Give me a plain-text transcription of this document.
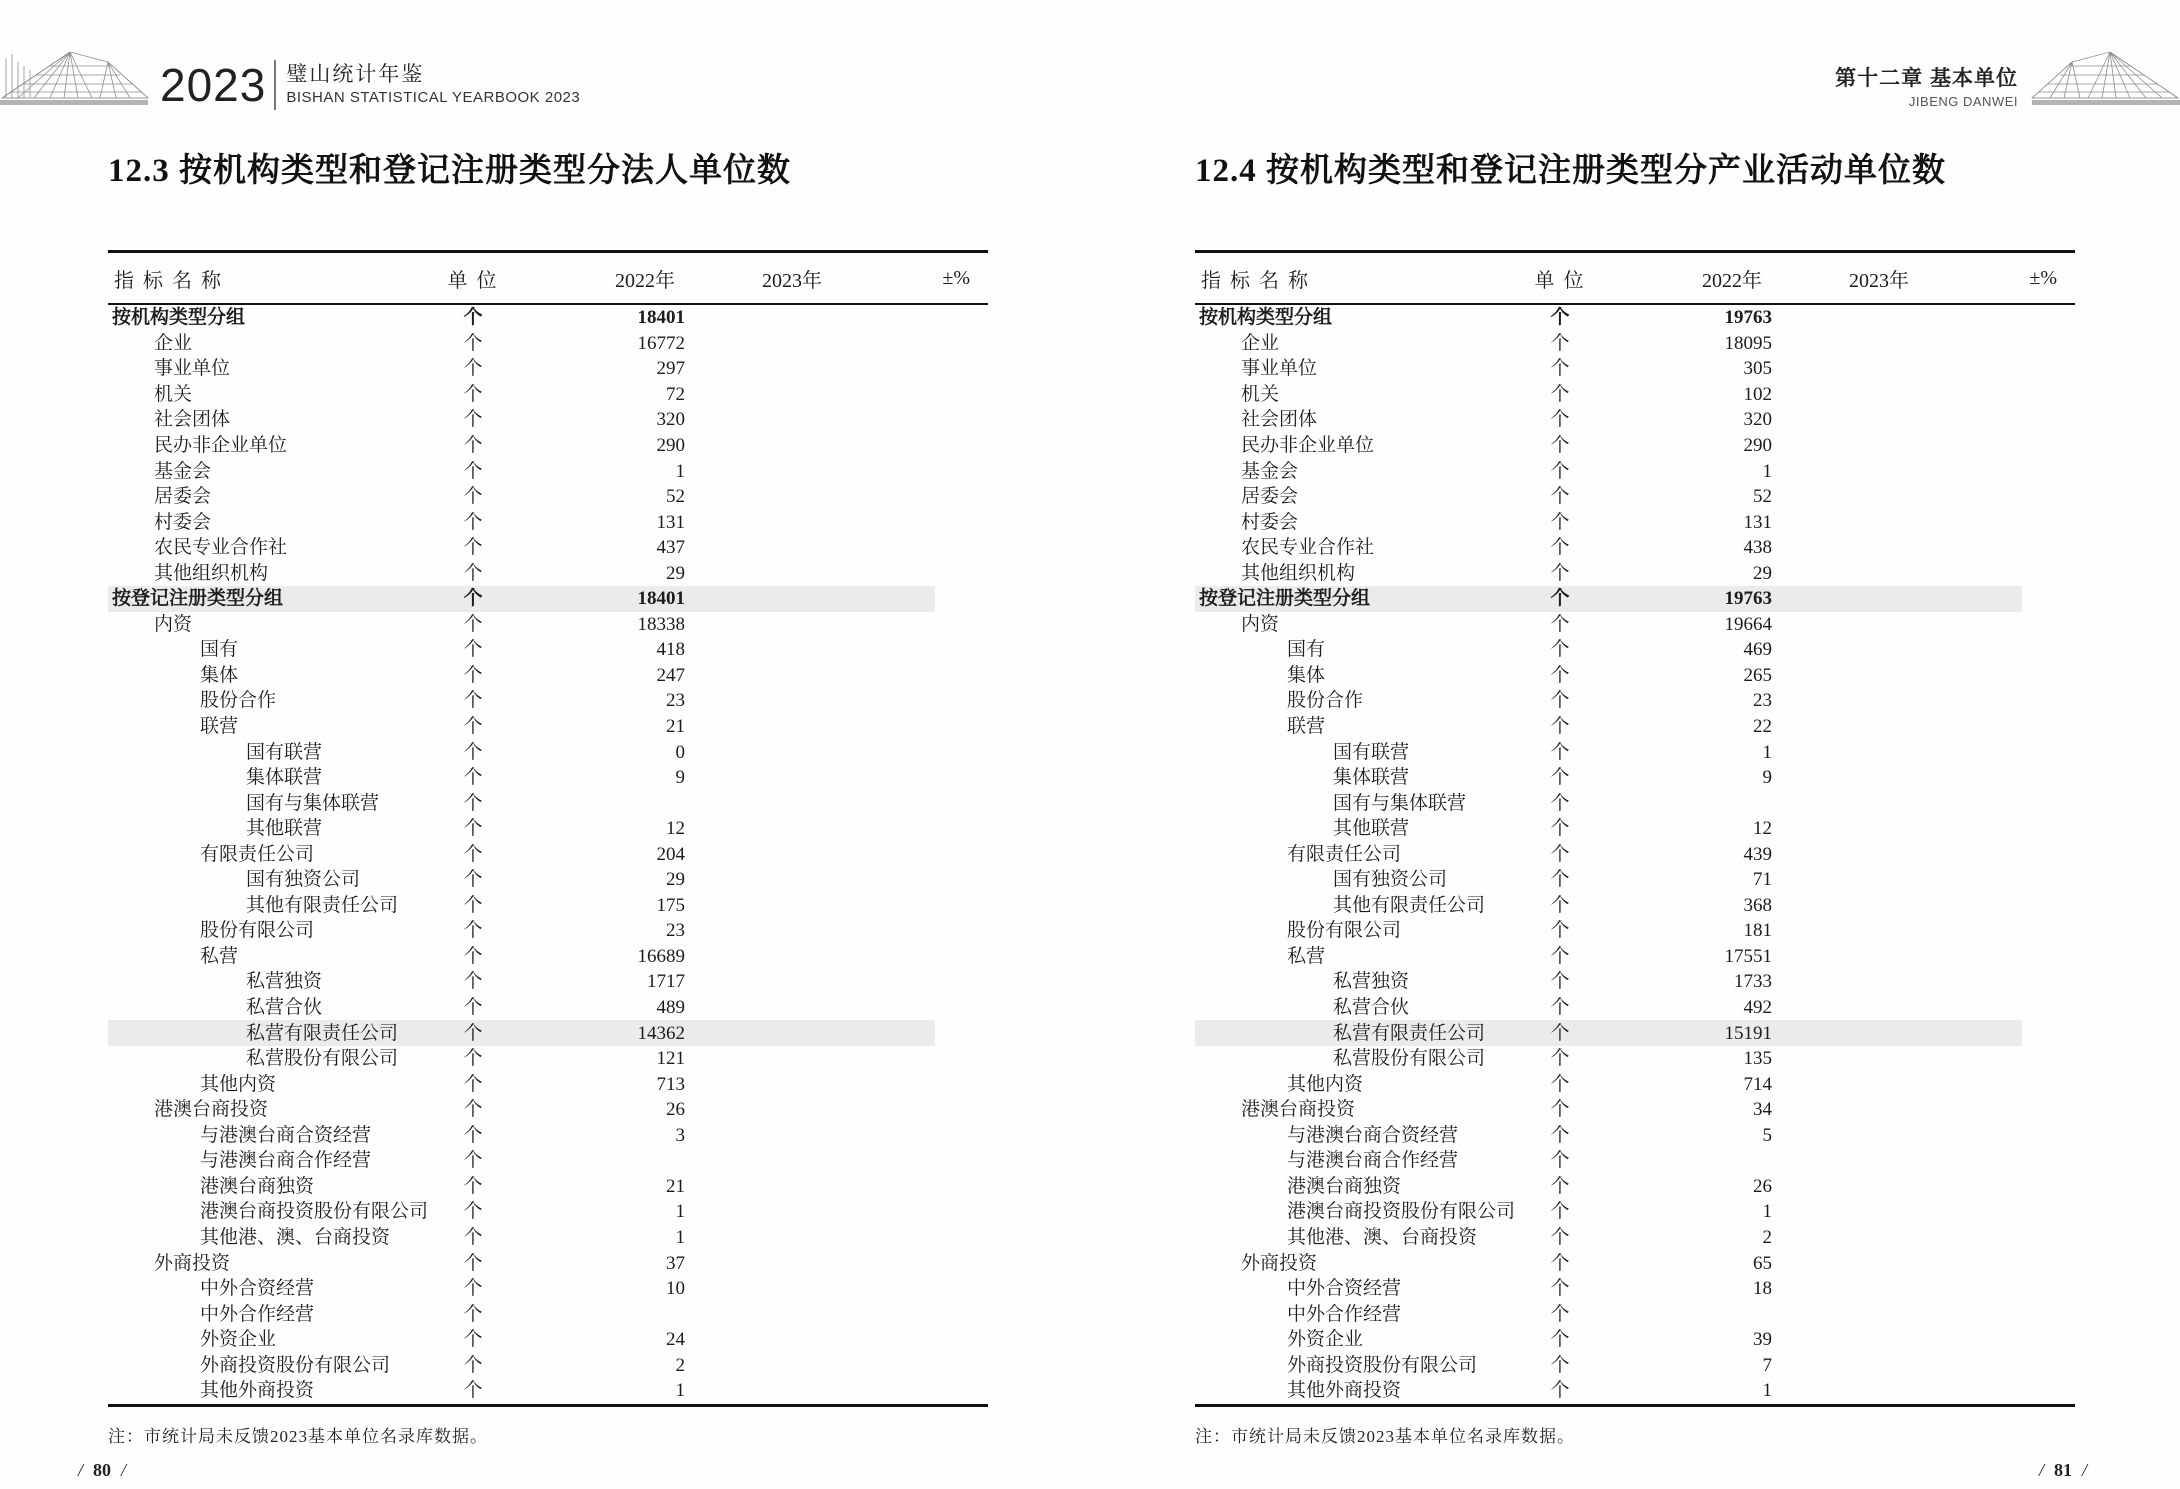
2023 璧山统计年鉴
BISHAN STATISTICAL YEARBOOK 2023
第十二章 基本单位
JIBENG DANWEI
12.3 按机构类型和登记注册类型分法人单位数
指 标 名 称	单 位	2022年	2023年	±%
按机构类型分组	个	18401		
企业	个	16772		
事业单位	个	297		
机关	个	72		
社会团体	个	320		
民办非企业单位	个	290		
基金会	个	1		
居委会	个	52		
村委会	个	131		
农民专业合作社	个	437		
其他组织机构	个	29		
按登记注册类型分组	个	18401		
内资	个	18338		
国有	个	418		
集体	个	247		
股份合作	个	23		
联营	个	21		
国有联营	个	0		
集体联营	个	9		
国有与集体联营	个			
其他联营	个	12		
有限责任公司	个	204		
国有独资公司	个	29		
其他有限责任公司	个	175		
股份有限公司	个	23		
私营	个	16689		
私营独资	个	1717		
私营合伙	个	489		
私营有限责任公司	个	14362		
私营股份有限公司	个	121		
其他内资	个	713		
港澳台商投资	个	26		
与港澳台商合资经营	个	3		
与港澳台商合作经营	个			
港澳台商独资	个	21		
港澳台商投资股份有限公司	个	1		
其他港、澳、台商投资	个	1		
外商投资	个	37		
中外合资经营	个	10		
中外合作经营	个			
外资企业	个	24		
外商投资股份有限公司	个	2		
其他外商投资	个	1		
注：市统计局未反馈2023基本单位名录库数据。
/ 80 /
12.4 按机构类型和登记注册类型分产业活动单位数
指 标 名 称	单 位	2022年	2023年	±%
按机构类型分组	个	19763		
企业	个	18095		
事业单位	个	305		
机关	个	102		
社会团体	个	320		
民办非企业单位	个	290		
基金会	个	1		
居委会	个	52		
村委会	个	131		
农民专业合作社	个	438		
其他组织机构	个	29		
按登记注册类型分组	个	19763		
内资	个	19664		
国有	个	469		
集体	个	265		
股份合作	个	23		
联营	个	22		
国有联营	个	1		
集体联营	个	9		
国有与集体联营	个			
其他联营	个	12		
有限责任公司	个	439		
国有独资公司	个	71		
其他有限责任公司	个	368		
股份有限公司	个	181		
私营	个	17551		
私营独资	个	1733		
私营合伙	个	492		
私营有限责任公司	个	15191		
私营股份有限公司	个	135		
其他内资	个	714		
港澳台商投资	个	34		
与港澳台商合资经营	个	5		
与港澳台商合作经营	个			
港澳台商独资	个	26		
港澳台商投资股份有限公司	个	1		
其他港、澳、台商投资	个	2		
外商投资	个	65		
中外合资经营	个	18		
中外合作经营	个			
外资企业	个	39		
外商投资股份有限公司	个	7		
其他外商投资	个	1		
注：市统计局未反馈2023基本单位名录库数据。
/ 81 /
